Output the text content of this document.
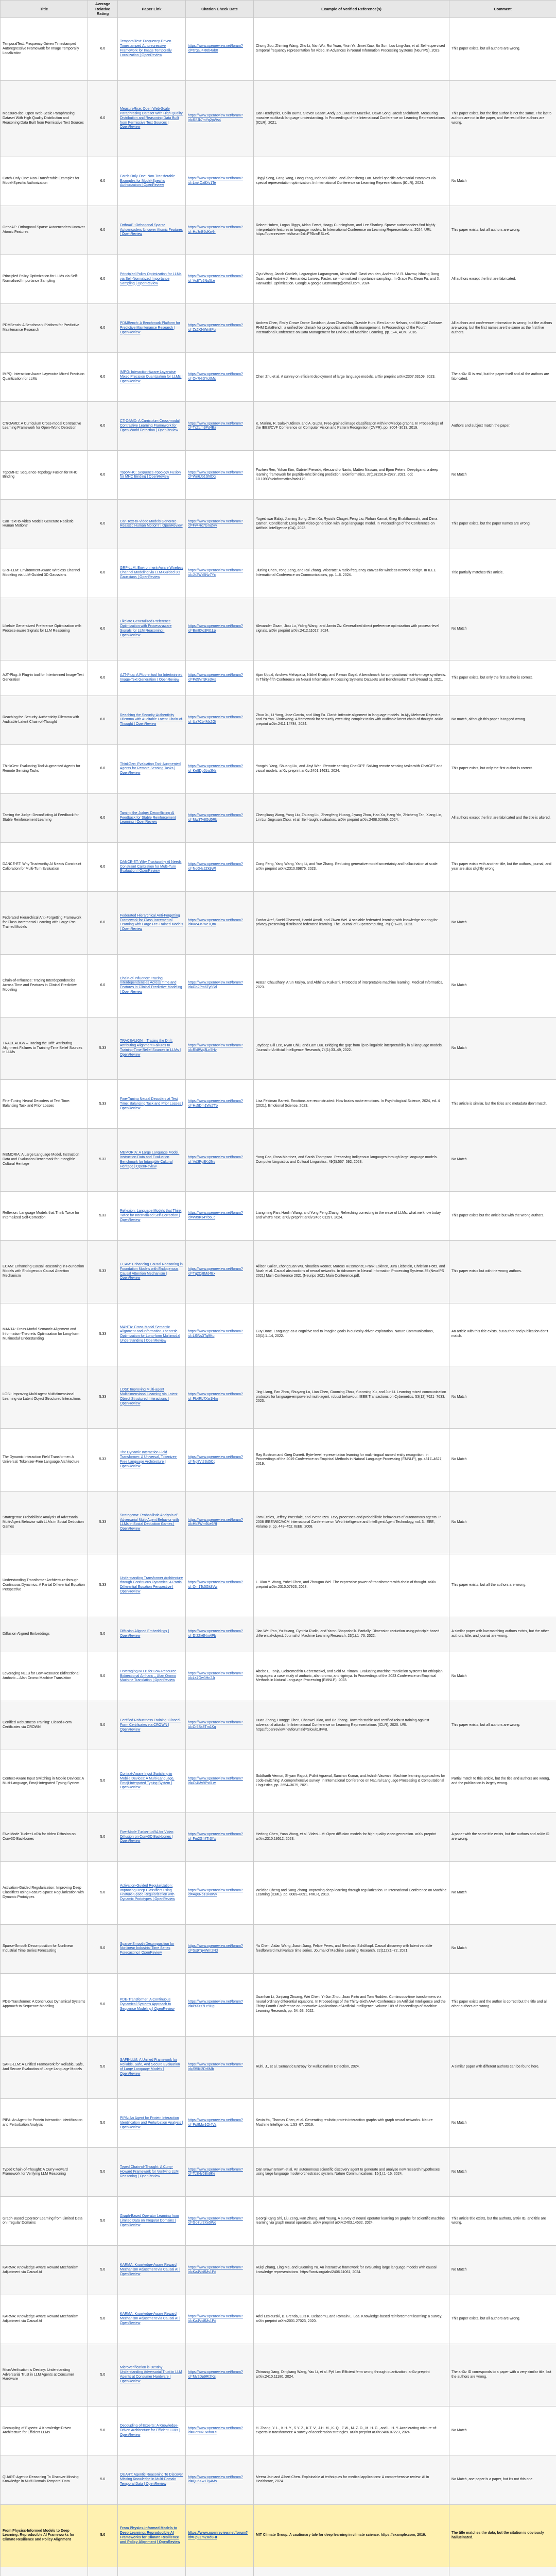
Title	Average Relative Rating	Paper Link	Citation Check Date	Example of Verified Reference(s)	Comment
TemporalText: Frequency-Driven Timestamped Autoregressive Framework for Image Temporally Localization	6.0	TemporalText: Frequency-Driven Timestamped Autoregressive Framework for Image Temporally Localization | OpenReview	https://www.openreview.net/forum?id=t7gau4R6b4ab0	Chong Zou, Zhiming Wang, Zhu Li, Nan Wu, Rui Yuan, Yixin Ye, Jimei Xiao, Bo Sun, Luo Ling-Jun, et al. Self-supervised temporal frequency representation for video. In Advances in Neural Information Processing Systems (NeurIPS), 2023.	This paper exists, but all authors are wrong.
MeasureRise: Open Web-Scale Paraphrasing Dataset With High Quality Distribution and Reasoning Data Built from Permissive Text Sources	6.0	MeasureRise: Open Web-Scale Paraphrasing Dataset With High Quality Distribution and Reasoning Data Built from Permissive Text Sources | OpenReview	https://www.openreview.net/forum?id=R8Jk7mYq2pWs4	Dan Hendrycks, Collin Burns, Steven Basart, Andy Zou, Mantas Mazeika, Dawn Song, Jacob Steinhardt. Measuring massive multitask language understanding. In Proceedings of the International Conference on Learning Representations (ICLR), 2021.	This paper exists, but the first author is not the same. The last 5 authors are not in the paper, and the rest of the authors are wrong.
Catch-Only-One: Non-Transferable Examples for Model-Specific Authorization	6.0	Catch-Only-One: Non-Transferable Examples for Model-Specific Authorization | OpenReview	https://www.openreview.net/forum?id=Lm4Qz8Xv1Te	Jingyi Song, Fang Yang, Hong Yang, Indaad Diotion, and Zhensheng Lan. Model-specific adversarial examples via special representation optimization. In International Conference on Learning Representations (ICLR), 2024.	No Match
OrthoAE: Orthogonal Sparse Autoencoders Uncover Atomic Features	6.0	OrthoAE: Orthogonal Sparse Autoencoders Uncover Atomic Features | OpenReview	https://www.openreview.net/forum?id=Hp3nB6dKw9r	Robert Huben, Logan Riggs, Aidan Ewart, Hoagy Cunningham, and Lee Sharkey. Sparse autoencoders find highly interpretable features in language models. In International Conference on Learning Representations, 2024. URL https://openreview.net/forum?id=F76bwRSLeK.	This paper exists, but all authors are wrong.
Principled Policy Optimization for LLMs via Self-Normalized Importance Sampling	6.0	Principled Policy Optimization for LLMs via Self-Normalized Importance Sampling | OpenReview	https://www.openreview.net/forum?id=Vc8Ty2Nq5Le	Ziyu Wang, Jacob Gottlieb, Lagrangian Lagrangeum, Alexa Wolf, Oasti van den, Andreas V. R. Mavrov, Nhaing Dong Xuan, and Andrew J. Hernandez Lanvey. Faster, self-normalized importance sampling.. In Grace Fu, Dean Fu, and X. Hanwedel. Optimization. Google A google Lastnamep@email.com, 2024.	All authors except the first are fabricated.
PDMBench: A Benchmark Platform for Predictive Maintenance Research	6.0	PDMBench: A Benchmark Platform for Predictive Maintenance Research | OpenReview	https://www.openreview.net/forum?id=Zs2Kf4Wn8Pu	Andrew Chen, Emily Crowe Dome Davidson, Arun Chavaldan, Dravide Hurs. Ben Lamar Nelson, and Mihayal Zarkrawi. PHM DataBench: a unified benchmark for prognostics and health management. In Proceedings of the Fourth International Conference on Data Management for End-to-End Machine Learning, pp. 1–4, ACM, 2016.	All authors and conference information is wrong, but the authors are wrong, but the first names are the same as the first five authors.
IMPQ: Interaction-Aware Layerwise Mixed Precision Quantization for LLMs	6.0	IMPQ: Interaction-Aware Layerwise Mixed Precision Quantization for LLMs | OpenReview	https://www.openreview.net/forum?id=Qk7Hr3Yc6Ms	Chen Zhu et al. A survey on efficient deployment of large language models. arXiv preprint arXiv:2307.03109, 2023.	The arXiv ID is real, but the paper itself and all the authors are fabricated.
CTrOAMD: A Curriculum Cross-modal Contrastive Learning Framework for Open-World Detection	6.0	CTrOAMD: A Curriculum Cross-modal Contrastive Learning Framework for Open-World Detection | OpenReview	https://www.openreview.net/forum?id=Tx2Lm9Pd4Ba	K. Marino, R. Salakhutdinov, and A. Gupta. Free-grained image classification with knowledge graphs. In Proceedings of the IEEE/CVF Conference on Computer Vision and Pattern Recognition (CVPR), pp. 3004–3013, 2019.	Authors and subject match the paper.
TopoMHC: Sequence-Topology Fusion for MHC Binding	6.0	TopoMHC: Sequence-Topology Fusion for MHC Binding | OpenReview	https://www.openreview.net/forum?id=Wn6Jb1Sf8Dq	Fuzhen Ren, Yohan Kim, Gabriel Pieroski, Alessandro Nanto, Matteo Nassan, and Bjorn Peters. Deepligand: a deep learning framework for peptide-mhc binding prediction. Bioinformatics, 37(18):2919–2927, 2021. doi: 10.1093/bioinformatics/btab179.	No Match
Can Text-to-Video Models Generate Realistic Human Motion?	6.0	Can Text-to-Video Models Generate Realistic Human Motion? | OpenReview	https://www.openreview.net/forum?id=Fy4Rc7Gm2Hv	Yogeshwar Balaji, Jiaming Song, Zhen Xu, Ryuichi Chugei, Feng Liu, Rohan Kamat, Greg Bhakthamschi, and Dima Damen. Conditional: Long-form video generation with large language model. In Proceedings of the Conference on Artificial Intelligence (CA), 2023.	This paper exists, but the paper names are wrong.
GRF-LLM: Environment-Aware Wireless Channel Modeling via LLM-Guided 3D Gaussians	6.0	GRF-LLM: Environment-Aware Wireless Channel Modeling via LLM-Guided 3D Gaussians | OpenReview	https://www.openreview.net/forum?id=Jk2Ws5Nz7Yc	Jiuning Chen, Yong Zeng, and Rui Zhang. Wiserate: A radio frequency canvas for wireless network design. In IEEE International Conference on Communications, pp. 1–6. 2024.	Title partially matches this article.
Likelate Generalized Preference Optimization with Process-aware Signals for LLM Reasoning	6.0	Likelate Generalized Preference Optimization with Process-aware Signals for LLM Reasoning | OpenReview	https://www.openreview.net/forum?id=Bm8Xq3Rt1Lp	Alexander Gsam, Jiou Lu, Yiding Wang, and Jamin Ziv. Generalized direct preference optimization with process-level signals. arXiv preprint arXiv:2412.11017, 2024.	No Match
AJT-Plug: A Plug-in tool for Intertwinned Image-Text Generation	6.0	AJT-Plug: A Plug-in tool for Intertwinned Image-Text Generation | OpenReview	https://www.openreview.net/forum?id=Pd5Vn9Ke3Hs	Ajan Uppal, Anshwa Mehapatia, Nikhel Kvarp, and Pawan Goyal. A benchmark for compositional text-to-image synthesis. In Thirty-fifth Conference on Neural Information Processing Systems Datasets and Benchmarks Track (Round 1), 2021.	This paper exists, but only the first author is correct.
Reaching the Security-Authenticity Dilemma with Auditable Latent Chain-of-Thought	6.0	Reaching the Security-Authenticity Dilemma with Auditable Latent Chain-of-Thought | OpenReview	https://www.openreview.net/forum?id=Ua7Cb4Mx2Gt	Zhuo Xu, Li Yang, Jose Garcia, and Xing Fu. Clarid: Intimate alignment in language models. In Ajiy Mehman Rajendra and Yu Yan. Sindewang. A framework for securely executing complex tasks with auditable latent chain-of-thought. arXiv preprint arXiv:2411.14784, 2024.	No match, although this paper is tagged wrong.
ThinkGen: Evaluating Tool-Augmented Agents for Remote Sensing Tasks	6.0	ThinkGen: Evaluating Tool-Augmented Agents for Remote Sensing Tasks | OpenReview	https://www.openreview.net/forum?id=Ke9Dp6Lw3Nz	Yongzhi Yang, Shuang Liu, and Jiayi Wen. Remote sensing ChatGPT: Solving remote sensing tasks with ChatGPT and visual models. arXiv preprint arXiv:2401.14631, 2024.	This paper exists, but only the first author is correct.
Taming the Judge: Deconflicting AI Feedback for Stable Reinforcement Learning	6.0	Taming the Judge: Deconflicting AI Feedback for Stable Reinforcement Learning | OpenReview	https://www.openreview.net/forum?id=Mw3Ty8Gd5Rb	Chengliang Wang, Yang Liu, Zhuang Liu, Zhengfeng Huang, Jiyang Zhou, Hao Xu, Hang Yin, Zhicheng Tan, Xiang Lin, Lin Lu, Jingxuan Zhou, et al. Self-taught evaluators. arXiv preprint arXiv:2408.02666, 2024.	All authors except the first are fabricated and the title is altered.
DANCE-ET: Why Trustworthy AI Needs Constraint Calibration for Multi-Turn Evaluation	6.0	DANCE-ET: Why Trustworthy AI Needs Constraint Calibration for Multi-Turn Evaluation | OpenReview	https://www.openreview.net/forum?id=Nq6Hs2Zk9Wf	Cong Feng, Yang Wang, Yang Li, and Yue Zhang. Reducing generative model uncertainty and hallucination at scale. arXiv preprint arXiv:2310.09876, 2023.	This paper exists with another title, but the authors, journal, and year are also slightly wrong.
Federated Hierarchical Anti-Forgetting Framework for Class-Incremental Learning with Large Pre-Trained Models	6.0	Federated Hierarchical Anti-Forgetting Framework for Class-Incremental Learning with Large Pre-Trained Models | OpenReview	https://www.openreview.net/forum?id=Xe4Jr7Vc1Qm	Fardar Aref, Saeid Ghasemi, Hamid Amoli, and Ziwen Wei. A scalable federated learning with knowledge sharing for privacy-preserving distributed federated learning. The Journal of Supercomputing, 79(1):1–25, 2023.	No Match
Chain-of-Influence: Tracing Interdependencies Across Time and Features in Clinical Predictive Modeling	6.0	Chain-of-Influence: Tracing Interdependencies Across Time and Features in Clinical Predictive Modeling | OpenReview	https://www.openreview.net/forum?id=Gb2Pm6Ty8Sd	Aratan Chaudhary, Arun Mallya, and Abhinav Kulkarni. Protocols of interpretable machine learning. Medical Informatics, 2023.	No Match
TRACEALIGN – Tracing the Drift: Attributing Alignment Failures to Training-Time Belief Sources in LLMs	5.33	TRACEALIGN – Tracing the Drift: Attributing Alignment Failures to Training-Time Belief Sources in LLMs | OpenReview	https://www.openreview.net/forum?id=Rk8Wq3Ln5Hv	Jaydeep Bill Lee, Ryan Chiu, and Lam Luu. Bridging the gap: from lip to linguistic interpretability in ai language models. Journal of Artificial Intelligence Research, 74(1):33–49, 2022.	No Match
Fine-Tuning Neural Decoders at Test Time: Balancing Task and Prior Losses	5.33	Fine-Tuning Neural Decoders at Test Time: Balancing Task and Prior Losses | OpenReview	https://www.openreview.net/forum?id=Hs5Dm1Wc7Tp	Lisa Feldman Barrett. Emotions are reconstructed: How brains make emotions. In Psychological Science, 2024, ed. 4 (2021), Emotional Science, 2023.	This article is similar, but the titles and metadata don't match.
MEMORIA: A Large Language Model, Instruction Data and Evaluation Benchmark for Intangible Cultural Heritage	5.33	MEMORIA: A Large Language Model, Instruction Data and Evaluation Benchmark for Intangible Cultural Heritage | OpenReview	https://www.openreview.net/forum?id=Vd3Pg8Kr2Ns	Yang Cao, Rosa Martinez, and Sarah Thompson. Preserving indigenous languages through large language models. Computer Linguistics and Cultural Linguistics, 49(3):567–592, 2023.	No Match
Reflexion: Language Models that Think Twice for Internalized Self-Correction	5.33	Reflexion: Language Models that Think Twice for Internalized Self-Correction | OpenReview	https://www.openreview.net/forum?id=Wt9Ks4Yb6Lc	Liangming Pan, Haolin Wang, and Yong Feng Zhang. Refreshing correcting in the wave of LLMs: what we know today and what's next. arXiv preprint arXiv:2406.01297, 2024.	This paper exists but the article but with the wrong authors.
ECAM: Enhancing Causal Reasoning in Foundation Models with Endogenous Causal Attention Mechanism	5.33	ECAM: Enhancing Causal Reasoning in Foundation Models with Endogenous Causal Attention Mechanism | OpenReview	https://www.openreview.net/forum?id=Tq2Cj8Md4Ex	Allison Gailer, Zhongquan Wu, Ninadien Rooner, Marcus Russmonst, Frank Eskinen, Jura Liebstein, Christian Potts, and Noah et al. Causal abstractions of neural networks. In Advances in Neural Information Processing Systems 35 (NeurIPS 2021) Main Conference 2021 (Neurips 2021 Main Conference.pdf.	This paper exists but with the wrong authors.
MANTA: Cross-Modal Semantic Alignment and Information-Theoretic Optimization for Long-form Multimodal Understanding	5.33	MANTA: Cross-Modal Semantic Alignment and Information-Theoretic Optimization for Long-form Multimodal Understanding | OpenReview	https://www.openreview.net/forum?id=Lf6Ns3Tq9Ku	Guy Done. Language as a cognitive tool to imagine goals in curiosity-driven exploration. Nature Communications, 13(1):1–14, 2022.	An article with this title exists, but author and publication don't match.
LOSI: Improving Multi-agent Multidimensional Learning via Latent Object Structured Interactions	5.33	LOSI: Improving Multi-agent Multidimensional Learning via Latent Object Structured Interactions | OpenReview	https://www.openreview.net/forum?id=Pk4Rb7Xw1Hm	Jing Liang, Fan Zhou, Shuyang Lu, Lian Chen, Guoming Zhou, Yuanming Xu, and Jun Li. Learning mixed communication protocols for language-empowered multi-agent. robust behaviour. IEEE Transactions on Cybernetics, 53(12):7621–7633, 2023.	No Match
The Dynamic Interaction Field Transformer: A Universal, Tokenizer-Free Language Architecture	5.33	The Dynamic Interaction Field Transformer: A Universal, Tokenizer-Free Language Architecture | OpenReview	https://www.openreview.net/forum?id=Ng8Vt2Sd5Cq	Ray Bostrom and Greg Durrett. Byte-level representation learning for multi-lingual named entity recognition. In Proceedings of the 2019 Conference on Empirical Methods in Natural Language Processing (EMNLP), pp. 4617–4627, 2019.	No Match
Strategema: Probabilistic Analysis of Adversarial Multi-Agent Behavior with LLMs in Social Deduction Games	5.33	Strategema: Probabilistic Analysis of Adversarial Multi-Agent Behavior with LLMs in Social Deduction Games | OpenReview	https://www.openreview.net/forum?id=Hb3Wm9Le6Rf	Tom Eccles, Jeffrey Tweedale, and Yvette Izza. Levy processes and probabilistic behaviours of autonomous agents. In 2008 IEEE/WIC/ACM International Conference on Web Intelligence and Intelligent Agent Technology, vol. 3. IEEE, Volume 3, pp. 449–452. IEEE, 2008.	No Match
Understanding Transformer Architecture through Continuous Dynamics: A Partial Differential Equation Perspective	5.33	Understanding Transformer Architecture through Continuous Dynamics: A Partial Differential Equation Perspective | OpenReview	https://www.openreview.net/forum?id=Qm1Tc5Gk8Vw	L. Xiao Y. Wang, Yubei Chen, and Zhouguo Wei. The expressive power of transformers with chain of thought. arXiv preprint arXiv:2310.07923, 2023.	This paper exists, but all the authors are wrong.
Diffusion Aligned Embeddings	5.0	Diffusion Aligned Embeddings | OpenReview	https://www.openreview.net/forum?id=Df2Zk6Nm4Pb	Jian Wei Pan, Yu Huang, Cynthia Rudin, and Yaron Shaposhnik. Partially: Dimension reduction using principle-based differential-object. Journal of Machine Learning Research, 23(1):1–73, 2022.	A similar paper with low-matching authors exists, but the other authors, title, and journal are wrong.
Leveraging NLLB for Low-Resource Bidirectional Amharic – Afan Oromo Machine Translation	5.0	Leveraging NLLB for Low-Resource Bidirectional Amharic – Afan Oromo Machine Translation | OpenReview	https://www.openreview.net/forum?id=Ls7Qw3Hn2Jr	Abebe L. Tonja, Gebremedhin Gebremeskel, and Seid M. Yimam. Evaluating machine translation systems for ethiopian languages: a case study of amharic, afan oromo, and tigrinya. In Proceedings of the 2023 Conference on Empirical Methods in Natural Language Processing (EMNLP), 2023.	No Match
Certified Robustness Training: Closed-Form Certificates via CROWN	5.0	Certified Robustness Training: Closed-Form Certificates via CROWN | OpenReview	https://www.openreview.net/forum?id=Cr5Bx8Tm1Kq	Huan Zhang, Hongge Chen, Chaowei Xiao, and Bo Zhang. Towards stable and certified robust training against adversarial attacks. In International Conference on Learning Representations (ICLR), 2020. URL https://openreview.net/forum?id=Skxuk1rFwB.	This paper exists, but all authors are wrong.
Context-Aware Input Switching in Mobile Devices: A Multi-Language, Emoji-Integrated Typing System	5.0	Context-Aware Input Switching in Mobile Devices: A Multi-Language, Emoji-Integrated Typing System | OpenReview	https://www.openreview.net/forum?id=Ct4Mv9Ps6Lw	Siddharth Vemuri, Shyam Rajput, Pulkit Agrawal, Samiran Kumar, and Ashish Vaswani. Machine learning approaches for code-switching: A comprehensive survey. In International Conference on Natural Language Processing & Computational Linguistics, pp. 3654–3675, 2021.	Partial match to this article, but the title and authors are wrong, and the publication is largely wrong.
Five-Mode Tucker-LoRA for Video Diffusion on Conv3D Backbones	5.0	Five-Mode Tucker-LoRA for Video Diffusion on Conv3D Backbones | OpenReview	https://www.openreview.net/forum?id=Fm2Gh7Tr3Yx	Hedong Chen, Yuan Wang, et al. VideoLLM: Open diffusion models for high-quality video generation. arXiv preprint arXiv:2310.19512, 2023.	A paper with the same title exists, but the authors and arXiv ID are wrong.
Activation-Guided Regularization: Improving Deep Classifiers using Feature-Space Regularization with Dynamic Prototypes	5.0	Activation-Guided Regularization: Improving Deep Classifiers using Feature-Space Regularization with Dynamic Prototypes | OpenReview	https://www.openreview.net/forum?id=Ag6Nb1Dk8Wv	Weixiao Cheng and Song Zhang. Improving deep learning through regularization. In International Conference on Machine Learning (ICML), pp. 8089–8091. PMLR, 2019.	No Match
Sparse-Smooth Decomposition for Nonlinear Industrial Time Series Forecasting	5.0	Sparse-Smooth Decomposition for Nonlinear Industrial Time Series Forecasting | OpenReview	https://www.openreview.net/forum?id=Ss9Tp4Wm2Nd	Yu Chen, Aidan Wang, Jiaxin Jiang, Felipe Peres, and Bernhard Schölkopf. Causal discovery with latent variable feedforward multivariate time series. Journal of Machine Learning Research, 22(112):1–72, 2021.	No Match
PDE-Transformer: A Continuous Dynamical Systems Approach to Sequence Modeling	5.0	PDE-Transformer: A Continuous Dynamical Systems Approach to Sequence Modeling | OpenReview	https://www.openreview.net/forum?id=Pt3Xs7Lc9Hg	Xuanhan Li, Junjiang Zhuang, Wei Chen, Yi-Jun Zhou, Joao Pinto and Tom Rodden. Continuous-time transformers via neural ordinary differential equations. In Proceedings of the Thirty-Sixth AAAI Conference on Artificial Intelligence and the Thirty-Fourth Conference on Innovative Applications of Artificial Intelligence, volume 109 of Proceedings of Machine Learning Research, pp. 54–63, 2022.	This paper exists and the author is correct but the title and all other authors are wrong.
SAFE-LLM: A Unified Framework for Reliable, Safe, And Secure Evaluation of Large Language Models	5.0	SAFE-LLM: A Unified Framework for Reliable, Safe, And Secure Evaluation of Large Language Models | OpenReview	https://www.openreview.net/forum?id=Sf5Kj2Dr6Mb	Ruhl, J., et al. Semantic Entropy for Hallucination Detection, 2024.	A similar paper with different authors can be found here.
PIPA: An Agent for Protein Interaction Identification and Perturbation Analysis	5.0	PIPA: An Agent for Protein Interaction Identification and Perturbation Analysis | OpenReview	https://www.openreview.net/forum?id=Pp8Mw1Qt4Va	Kevin Hu, Thomas Chen, et al. Generating realistic protein interaction graphs with graph neural networks. Nature Machine Intelligence, 1:53–67, 2019.	No Match
Typed Chain-of-Thought: A Curry-Howard Framework for Verifying LLM Reasoning	5.0	Typed Chain-of-Thought: A Curry-Howard Framework for Verifying LLM Reasoning | OpenReview	https://www.openreview.net/forum?id=Tc3Hy6Bn9Ke	Dan Brown Brown et al. An autonomous scientific discovery agent to generate and analyse new research hypotheses using large language model-orchestrated system. Nature Communications, 15(1):1–16, 2024.	No Match
Graph-Based Operator Learning from Limited Data on Irregular Domains	5.0	Graph-Based Operator Learning from Limited Data on Irregular Domains | OpenReview	https://www.openreview.net/forum?id=Go7Lr2Xe5Wq	Georgi Kang Shi, Liu Zeng, Han Zhang, and Yeung. A survey of neural operator learning on graphs for scientific machine learning via graph neural operators. arXiv preprint arXiv:2403.14532, 2024.	This article title exists, but the authors, arXiv ID, and title are wrong.
KARMA: Knowledge-Aware Reward Mechanism Adjustment via Causal AI	5.0	KARMA: Knowledge-Aware Reward Mechanism Adjustment via Causal AI | OpenReview	https://www.openreview.net/forum?id=Ka4Vc8Ms1Pd	Ruiqi Zhang, Ling Ma, and Guoming Yu. An interactive framework for evaluating large language models with causal knowledge representations. https://arxiv.org/abs/2406.11061, 2024.	No Match
KARMA: Knowledge-Aware Reward Mechanism Adjustment via Causal AI	5.0	KARMA: Knowledge-Aware Reward Mechanism Adjustment via Causal AI | OpenReview	https://www.openreview.net/forum?id=Ka4Vc8Ms1Pd	Ariel Lesieurski, B. Brenda, Luis K. Delasomu, and Romain L. Lea. Knowledge-based reinforcement learning: a survey. arXiv preprint arXiv:2001.27023, 2020.	This paper exists, but all authors are wrong.
MicroVerification is Destiny: Understanding Adversarial Trust in LLM Agents at Consumer Hardware	5.0	MicroVerification is Destiny: Understanding Adversarial Trust in LLM Agents at Consumer Hardware | OpenReview	https://www.openreview.net/forum?id=Mv2Dp9Rt7Ks	Zhimang Jiang, Dingkang Wang, Yau Li, et al. Pyli Lm: Efficient ferm wrong through quantization. arXiv preprint arXiv:2410.11180, 2024.	The arXiv ID corresponds to a paper with a very similar title, but the authors are wrong.
Decoupling of Experts: A Knowledge-Driven Architecture for Efficient LLMs	5.0	Decoupling of Experts: A Knowledge-Driven Architecture for Efficient LLMs | OpenReview	https://www.openreview.net/forum?id=De5Nk3Wb8Lc	H. Zhang, Y. L., K.H. Y., S.Y. Z., K.T. V., J.H. M., K. Q., Z.W., M. Z. D., M. H. G., and L. H. Y. Accelerating mixture-of-experts in transformers: A survey of acceleration strategies. arXiv preprint arXiv:2406.07223, 2024.	No Match
QUART: Agentic Reasoning To Discover Missing Knowledge in Multi-Domain Temporal Data	5.0	QUART: Agentic Reasoning To Discover Missing Knowledge in Multi-Domain Temporal Data | OpenReview	https://www.openreview.net/forum?id=Qu6Xw1Ty4Ms	Meera Jain and Albert Chen. Explainable ai techniques for medical applications: A comprehensive review. AI in Healthcare, 2024.	No Match, one paper is a paper, but it's not this one.
From Physics-Informed Models to Deep Learning: Reproducible AI Frameworks for Climate Resilience and Policy Alignment	5.0	From Physics-Informed Models to Deep Learning: Reproducible AI Frameworks for Climate Resilience and Policy Alignment | OpenReview	https://www.openreview.net/forum?id=Fp9Zm2Kd6Ht	MIT Climate Group. A cautionary tale for deep learning in climate science. https://example.com, 2019.	The title matches the data, but the citation is obviously hallucinated.
